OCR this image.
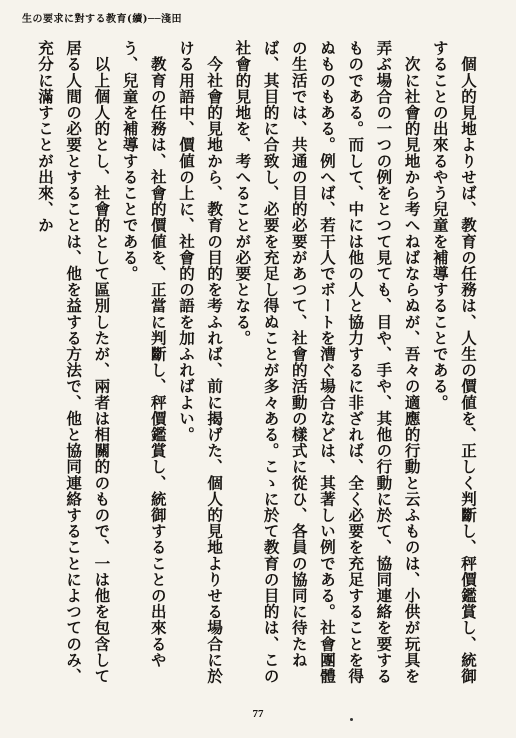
生の要求に對する教育(續)──淺田

　個人的見地よりせば、教育の任務は、人生の價値を、正しく判斷し、秤價鑑賞し、統御することの出來るやう兒童を補導することである。

　次に社會的見地から考へねばならぬが、吾々の適應的行動と云ふものは、小供が玩具を弄ぶ場合の一つの例をとつて見ても、目や、手や、其他の行動に於て、協同連絡を要するものである。而して、中には他の人と協力するに非ざれば、全く必要を充足することを得ぬものもある。例へば、若干人でボートを漕ぐ場合などは、其著しい例である。社會團體の生活では、共通の目的必要があつて、社會的活動の樣式に從ひ、各員の協同に待たねば、其目的に合致し、必要を充足し得ぬことが多々ある。こゝに於て教育の目的は、この社會的見地を、考へることが必要となる。

　今社會的見地から、教育の目的を考ふれば、前に揭げた、個人的見地よりせる場合に於ける用語中、價値の上に、社會的の語を加ふればよい。

　教育の任務は、社會的價値を、正當に判斷し、秤價鑑賞し、統御することの出來るやう、兒童を補導することである。

　以上個人的とし、社會的として區別したが、兩者は相關的のもので、一は他を包含して居る人間の必要とすることは、他を益する方法で、他と協同連絡することによつてのみ、充分に滿すことが出來、か

77
